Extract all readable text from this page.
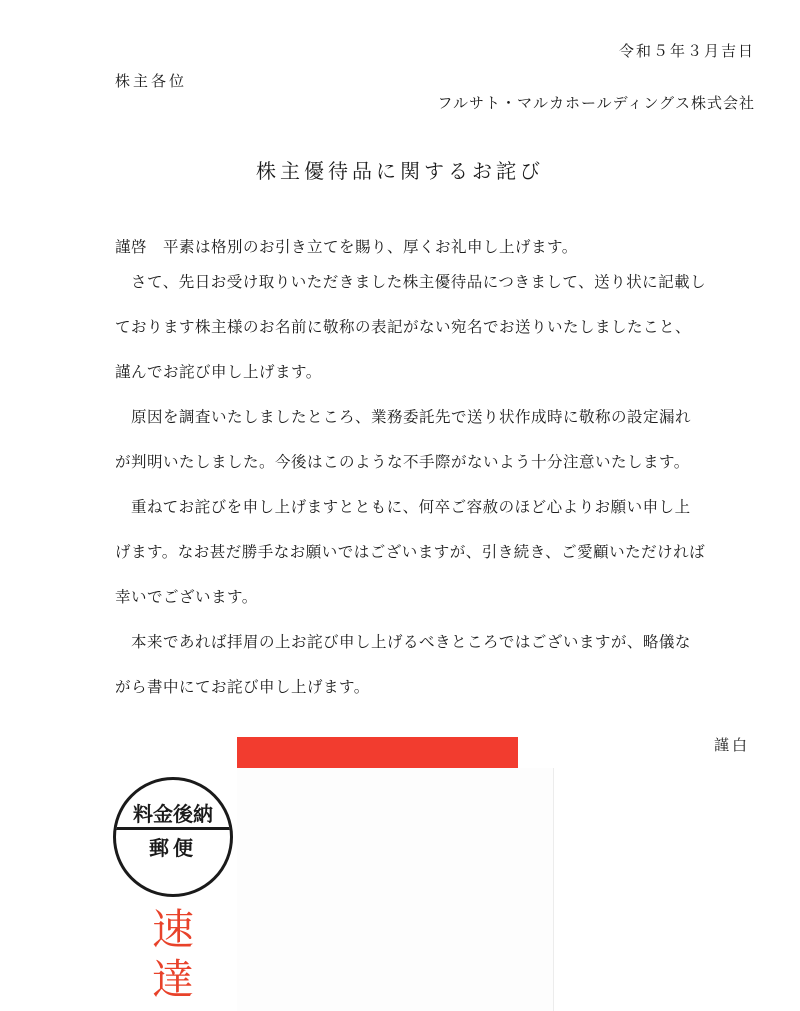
令和５年３月吉日
株主各位
フルサト・マルカホールディングス株式会社
株主優待品に関するお詫び
謹啓　平素は格別のお引き立てを賜り、厚くお礼申し上げます。
　さて、先日お受け取りいただきました株主優待品につきまして、送り状に記載し
ております株主様のお名前に敬称の表記がない宛名でお送りいたしましたこと、
謹んでお詫び申し上げます。
　原因を調査いたしましたところ、業務委託先で送り状作成時に敬称の設定漏れ
が判明いたしました。今後はこのような不手際がないよう十分注意いたします。
　重ねてお詫びを申し上げますとともに、何卒ご容赦のほど心よりお願い申し上
げます。なお甚だ勝手なお願いではございますが、引き続き、ご愛顧いただければ
幸いでございます。
　本来であれば拝眉の上お詫び申し上げるべきところではございますが、略儀な
がら書中にてお詫び申し上げます。
謹白
料金後納
郵便
速達
